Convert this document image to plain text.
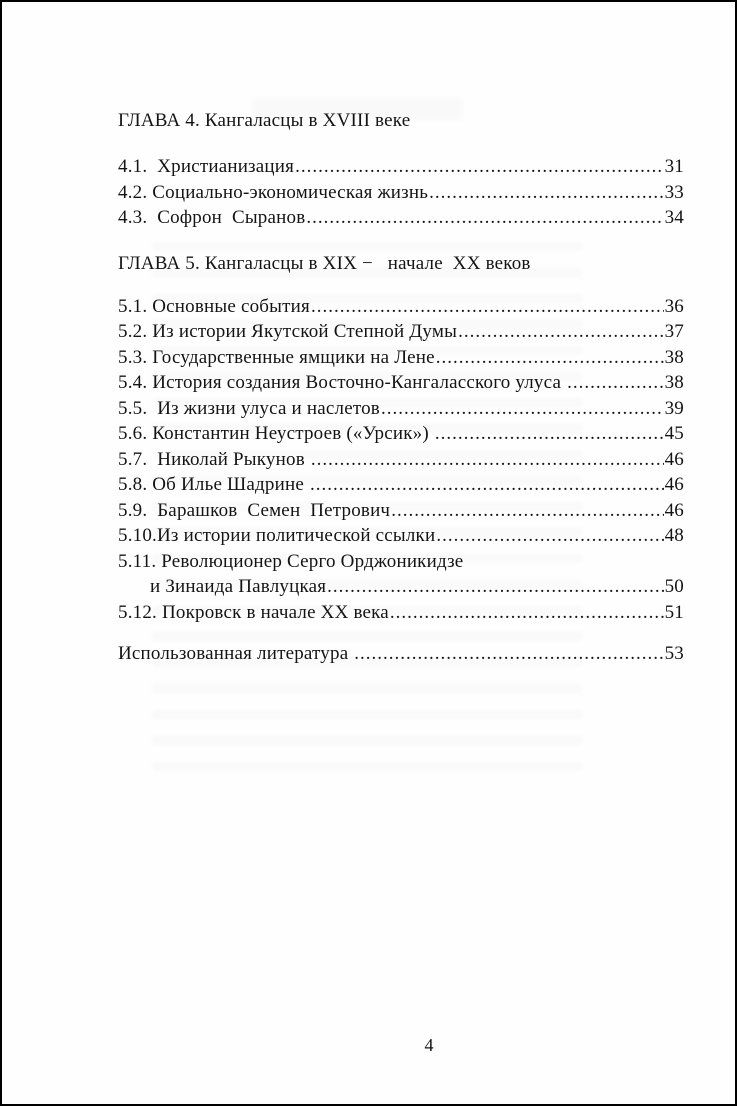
ГЛАВА 4. Кангаласцы в XVIII веке
4.1.  Христианизация .....	31
4.2. Социально-экономическая жизнь .....	33
4.3.  Софрон  Сыранов .....	34
ГЛАВА 5. Кангаласцы в XIX −   начале  XX веков
5.1. Основные события .....	36
5.2. Из истории Якутской Степной Думы .....	37
5.3. Государственные ямщики на Лене .....	38
5.4. История создания Восточно-Кангаласского улуса .....	38
5.5.  Из жизни улуса и наслетов .....	39
5.6. Константин Неустроев («Урсик») .....	45
5.7.  Николай Рыкунов .....	46
5.8. Об Илье Шадрине .....	46
5.9.  Барашков  Семен  Петрович .....	46
5.10.Из истории политической ссылки .....	48
5.11. Революционер Серго Орджоникидзе
и Зинаида Павлуцкая .....	50
5.12. Покровск в начале XX века .....	51
Использованная литература .....	53
4
